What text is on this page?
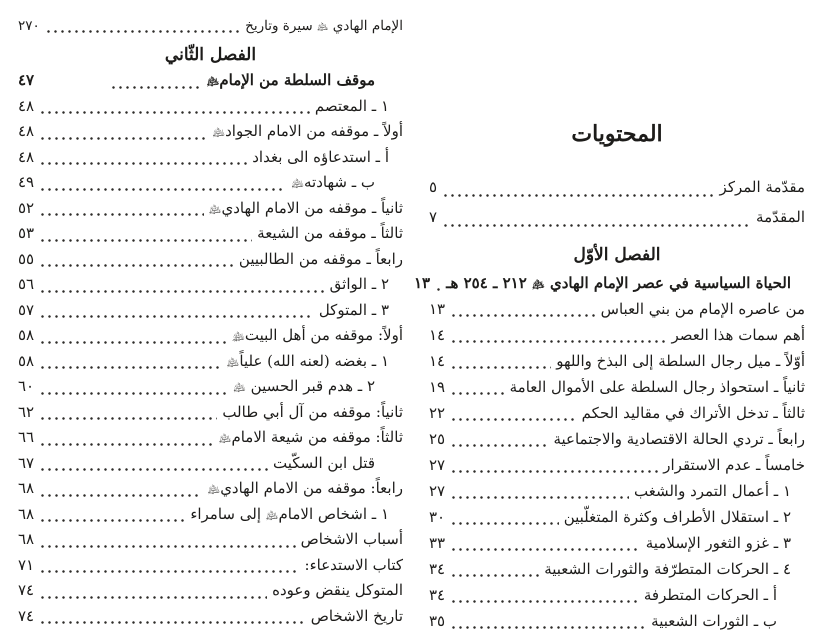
الإمام الهادي ﵇ سيرة وتاريخ
٢٧٠
الفصل الثّاني
موقف السلطة من الإمام﵇
٤٧
١ ـ المعتصم
٤٨
أولاً ـ موقفه من الامام الجواد﵇
٤٨
أ ـ استدعاؤه الى بغداد
٤٨
ب ـ شهادته﵇
٤٩
ثانياً ـ موقفه من الامام الهادي﵇
٥٢
ثالثاً ـ موقفه من الشيعة
٥٣
رابعاً ـ موقفه من الطالبيين
٥٥
٢ ـ الواثق
٥٦
٣ ـ المتوكل
٥٧
أولاً: موقفه من أهل البيت﵈
٥٨
١ ـ بغضه (لعنه الله) علياً﵇
٥٨
٢ ـ هدم قبر الحسين ﵇
٦٠
ثانياً: موقفه من آل أبي طالب
٦٢
ثالثاً: موقفه من شيعة الامام﵇
٦٦
قتل ابن السكّيت
٦٧
رابعاً: موقفه من الامام الهادي﵇
٦٨
١ ـ اشخاص الامام﵇ إلى سامراء
٦٨
أسباب الاشخاص
٦٨
كتاب الاستدعاء:
٧١
المتوكل ينقض وعوده
٧٤
تاريخ الاشخاص
٧٤
المحتويات
مقدّمة المركز
٥
المقدّمة
٧
الفصل الأوّل
الحياة السياسية في عصر الإمام الهادي ﵇ ٢١٢ ـ ٢٥٤ هـ
١٣
من عاصره الإمام من بني العباس
١٣
أهم سمات هذا العصر
١٤
أوّلاً ـ ميل رجال السلطة إلى البذخ واللهو
١٤
ثانياً ـ استحواذ رجال السلطة على الأموال العامة
١٩
ثالثاً ـ تدخل الأتراك في مقاليد الحكم
٢٢
رابعاً ـ تردي الحالة الاقتصادية والاجتماعية
٢٥
خامساً ـ عدم الاستقرار
٢٧
١ ـ أعمال التمرد والشغب
٢٧
٢ ـ استقلال الأطراف وكثرة المتغلّبين
٣٠
٣ ـ غزو الثغور الإسلامية
٣٣
٤ ـ الحركات المتطرّفة والثورات الشعبية
٣٤
أ ـ الحركات المتطرفة
٣٤
ب ـ الثورات الشعبية
٣٥
